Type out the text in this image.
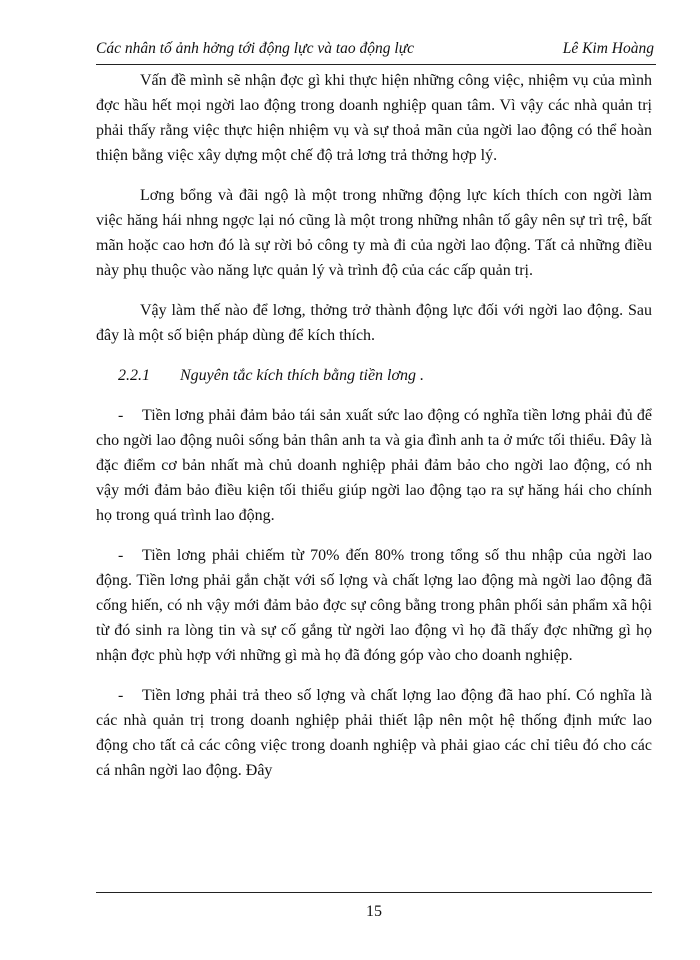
Các nhân tố ảnh hởng tới động lực và tao động lực	Lê Kim Hoàng

Vấn đề mình sẽ nhận đợc gì khi thực hiện những công việc, nhiệm vụ của mình đợc hầu hết mọi ngời lao động trong doanh nghiệp quan tâm. Vì vậy các nhà quản trị phải thấy rằng việc thực hiện nhiệm vụ và sự thoả mãn của ngời lao động có thể hoàn thiện bằng việc xây dựng một chế độ trả lơng trả thởng hợp lý.

Lơng bổng và đãi ngộ là một trong những động lực kích thích con ngời làm việc hăng hái nhng ngợc lại nó cũng là một trong những nhân tố gây nên sự trì trệ, bất mãn hoặc cao hơn đó là sự rời bỏ công ty mà đi của ngời lao động. Tất cả những điều này phụ thuộc vào năng lực quản lý và trình độ của các cấp quản trị.

Vậy làm thế nào để lơng, thởng trở thành động lực đối với ngời lao động. Sau đây là một số biện pháp dùng để kích thích.

2.2.1 Nguyên tắc kích thích bằng tiền lơng .

- Tiền lơng phải đảm bảo tái sản xuất sức lao động có nghĩa tiền lơng phải đủ để cho ngời lao động nuôi sống bản thân anh ta và gia đình anh ta ở mức tối thiểu. Đây là đặc điểm cơ bản nhất mà chủ doanh nghiệp phải đảm bảo cho ngời lao động, có nh vậy mới đảm bảo điều kiện tối thiểu giúp ngời lao động tạo ra sự hăng hái cho chính họ trong quá trình lao động.

- Tiền lơng phải chiếm từ 70% đến 80% trong tổng số thu nhập của ngời lao động. Tiền lơng phải gắn chặt với số lợng và chất lợng lao động mà ngời lao động đã cống hiến, có nh vậy mới đảm bảo đợc sự công bằng trong phân phối sản phẩm xã hội từ đó sinh ra lòng tin và sự cố gắng từ ngời lao động vì họ đã thấy đợc những gì họ nhận đợc phù hợp với những gì mà họ đã đóng góp vào cho doanh nghiệp.

- Tiền lơng phải trả theo số lợng và chất lợng lao động đã hao phí. Có nghĩa là các nhà quản trị trong doanh nghiệp phải thiết lập nên một hệ thống định mức lao động cho tất cả các công việc trong doanh nghiệp và phải giao các chỉ tiêu đó cho các cá nhân ngời lao động. Đây

15
